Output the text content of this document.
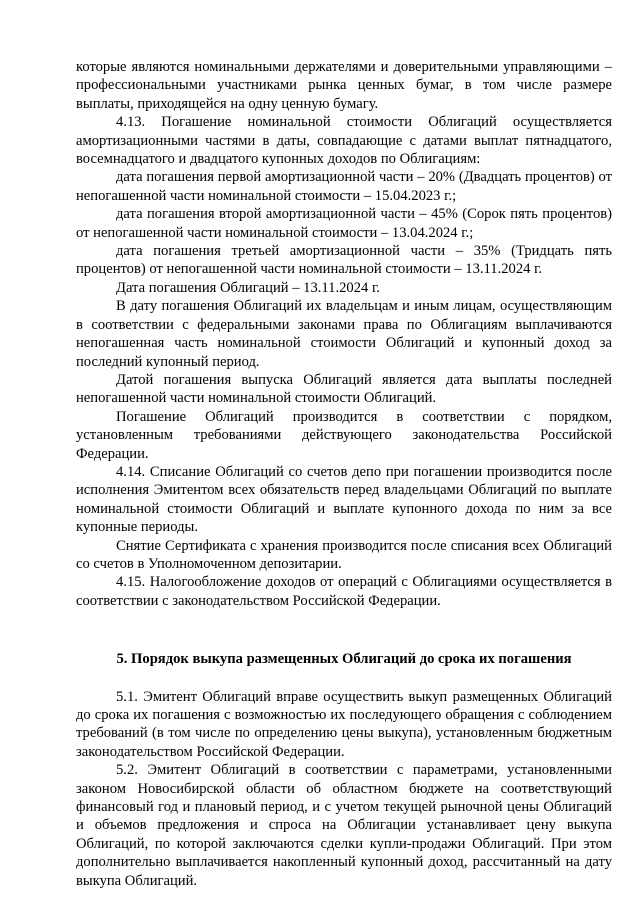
которые являются номинальными держателями и доверительными управляющими – профессиональными участниками рынка ценных бумаг, в том числе размере выплаты, приходящейся на одну ценную бумагу.

4.13. Погашение номинальной стоимости Облигаций осуществляется амортизационными частями в даты, совпадающие с датами выплат пятнадцатого, восемнадцатого и двадцатого купонных доходов по Облигациям:

дата погашения первой амортизационной части – 20% (Двадцать процентов) от непогашенной части номинальной стоимости – 15.04.2023 г.;

дата погашения второй амортизационной части – 45% (Сорок пять процентов) от непогашенной части номинальной стоимости – 13.04.2024 г.;

дата погашения третьей амортизационной части – 35% (Тридцать пять процентов) от непогашенной части номинальной стоимости – 13.11.2024 г.

Дата погашения Облигаций – 13.11.2024 г.

В дату погашения Облигаций их владельцам и иным лицам, осуществляющим в соответствии с федеральными законами права по Облигациям выплачиваются непогашенная часть номинальной стоимости Облигаций и купонный доход за последний купонный период.

Датой погашения выпуска Облигаций является дата выплаты последней непогашенной части номинальной стоимости Облигаций.

Погашение Облигаций производится в соответствии с порядком, установленным требованиями действующего законодательства Российской Федерации.

4.14. Списание Облигаций со счетов депо при погашении производится после исполнения Эмитентом всех обязательств перед владельцами Облигаций по выплате номинальной стоимости Облигаций и выплате купонного дохода по ним за все купонные периоды.

Снятие Сертификата с хранения производится после списания всех Облигаций со счетов в Уполномоченном депозитарии.

4.15. Налогообложение доходов от операций с Облигациями осуществляется в соответствии с законодательством Российской Федерации.

5. Порядок выкупа размещенных Облигаций до срока их погашения

5.1. Эмитент Облигаций вправе осуществить выкуп размещенных Облигаций до срока их погашения с возможностью их последующего обращения с соблюдением требований (в том числе по определению цены выкупа), установленным бюджетным законодательством Российской Федерации.

5.2. Эмитент Облигаций в соответствии с параметрами, установленными законом Новосибирской области об областном бюджете на соответствующий финансовый год и плановый период, и с учетом текущей рыночной цены Облигаций и объемов предложения и спроса на Облигации устанавливает цену выкупа Облигаций, по которой заключаются сделки купли-продажи Облигаций. При этом дополнительно выплачивается накопленный купонный доход, рассчитанный на дату выкупа Облигаций.
